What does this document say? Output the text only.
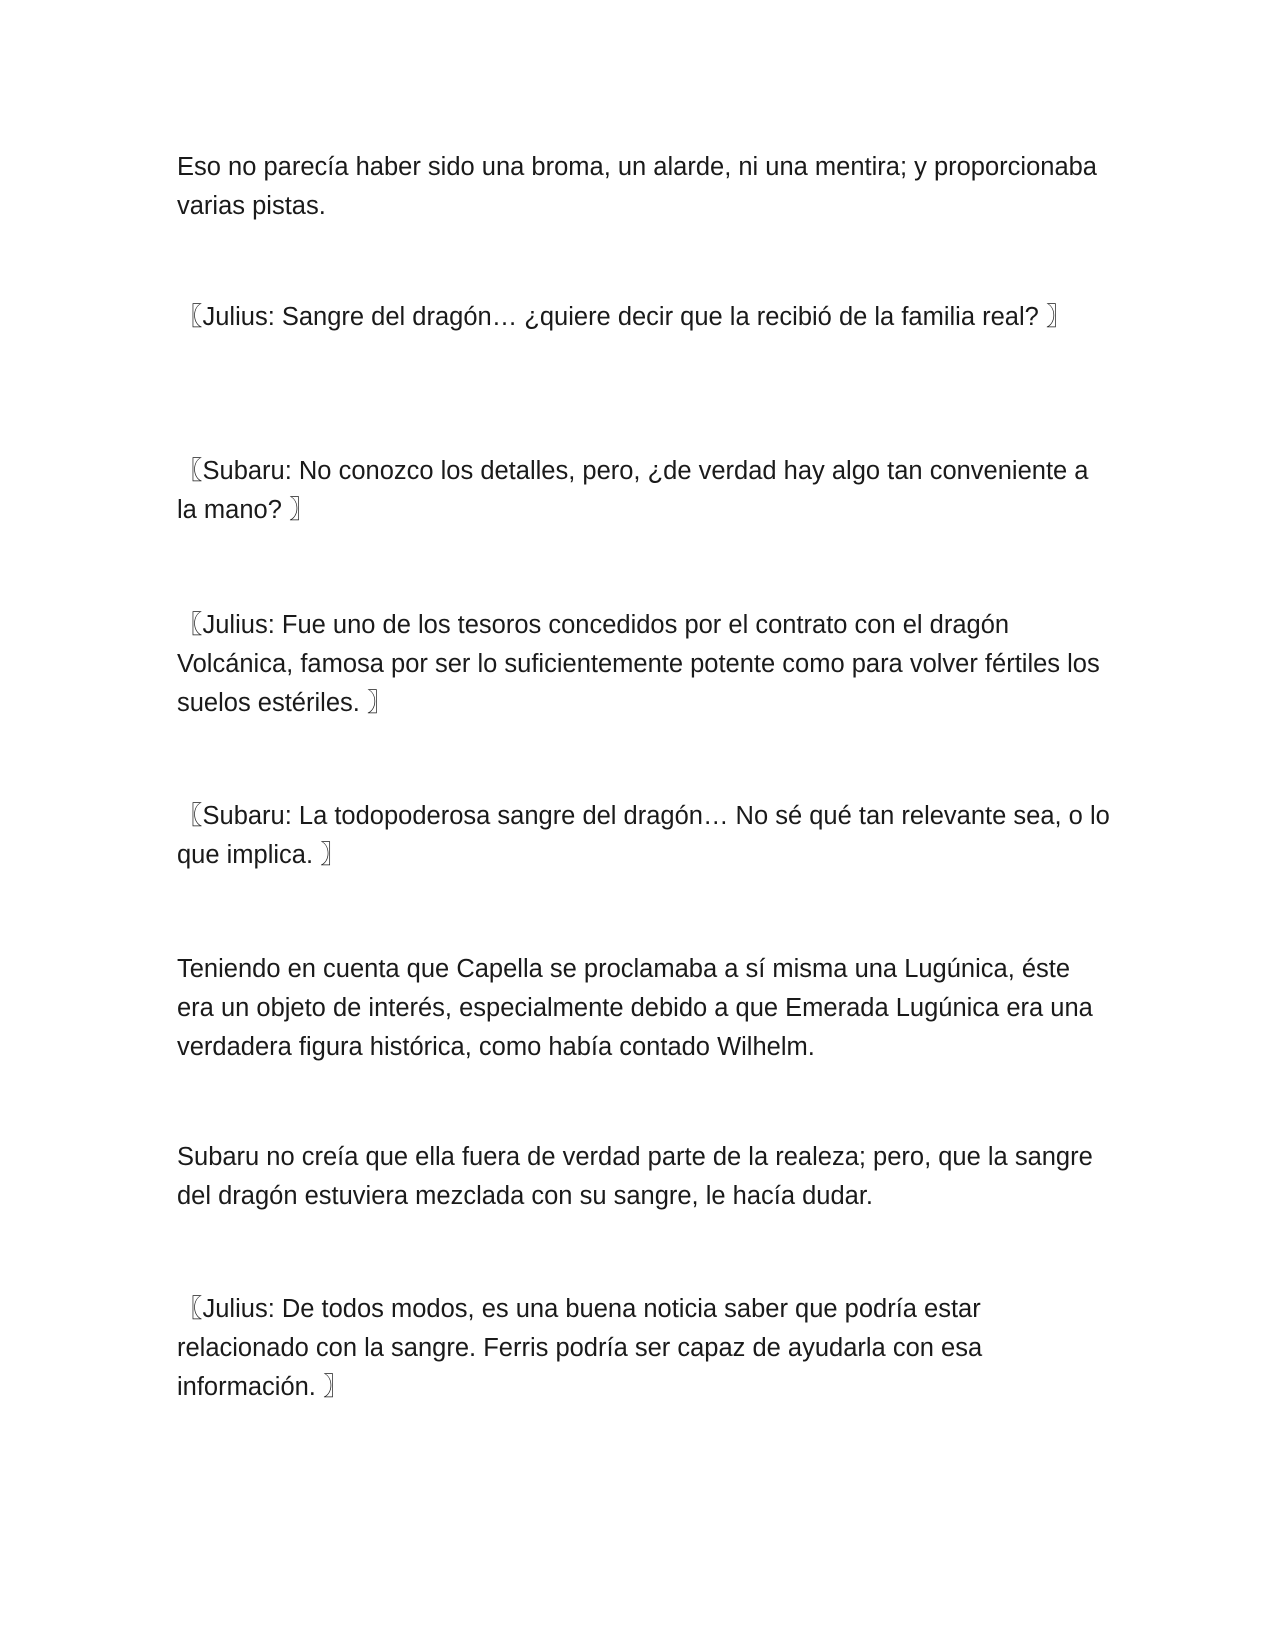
Eso no parecía haber sido una broma, un alarde, ni una mentira; y proporcionaba varias pistas.

〖Julius: Sangre del dragón… ¿quiere decir que la recibió de la familia real? 〗

〖Subaru: No conozco los detalles, pero, ¿de verdad hay algo tan conveniente a la mano? 〗

〖Julius: Fue uno de los tesoros concedidos por el contrato con el dragón Volcánica, famosa por ser lo suficientemente potente como para volver fértiles los suelos estériles. 〗

〖Subaru: La todopoderosa sangre del dragón… No sé qué tan relevante sea, o lo que implica. 〗

Teniendo en cuenta que Capella se proclamaba a sí misma una Lugúnica, éste era un objeto de interés, especialmente debido a que Emerada Lugúnica era una verdadera figura histórica, como había contado Wilhelm.

Subaru no creía que ella fuera de verdad parte de la realeza; pero, que la sangre del dragón estuviera mezclada con su sangre, le hacía dudar.

〖Julius: De todos modos, es una buena noticia saber que podría estar relacionado con la sangre. Ferris podría ser capaz de ayudarla con esa información. 〗
